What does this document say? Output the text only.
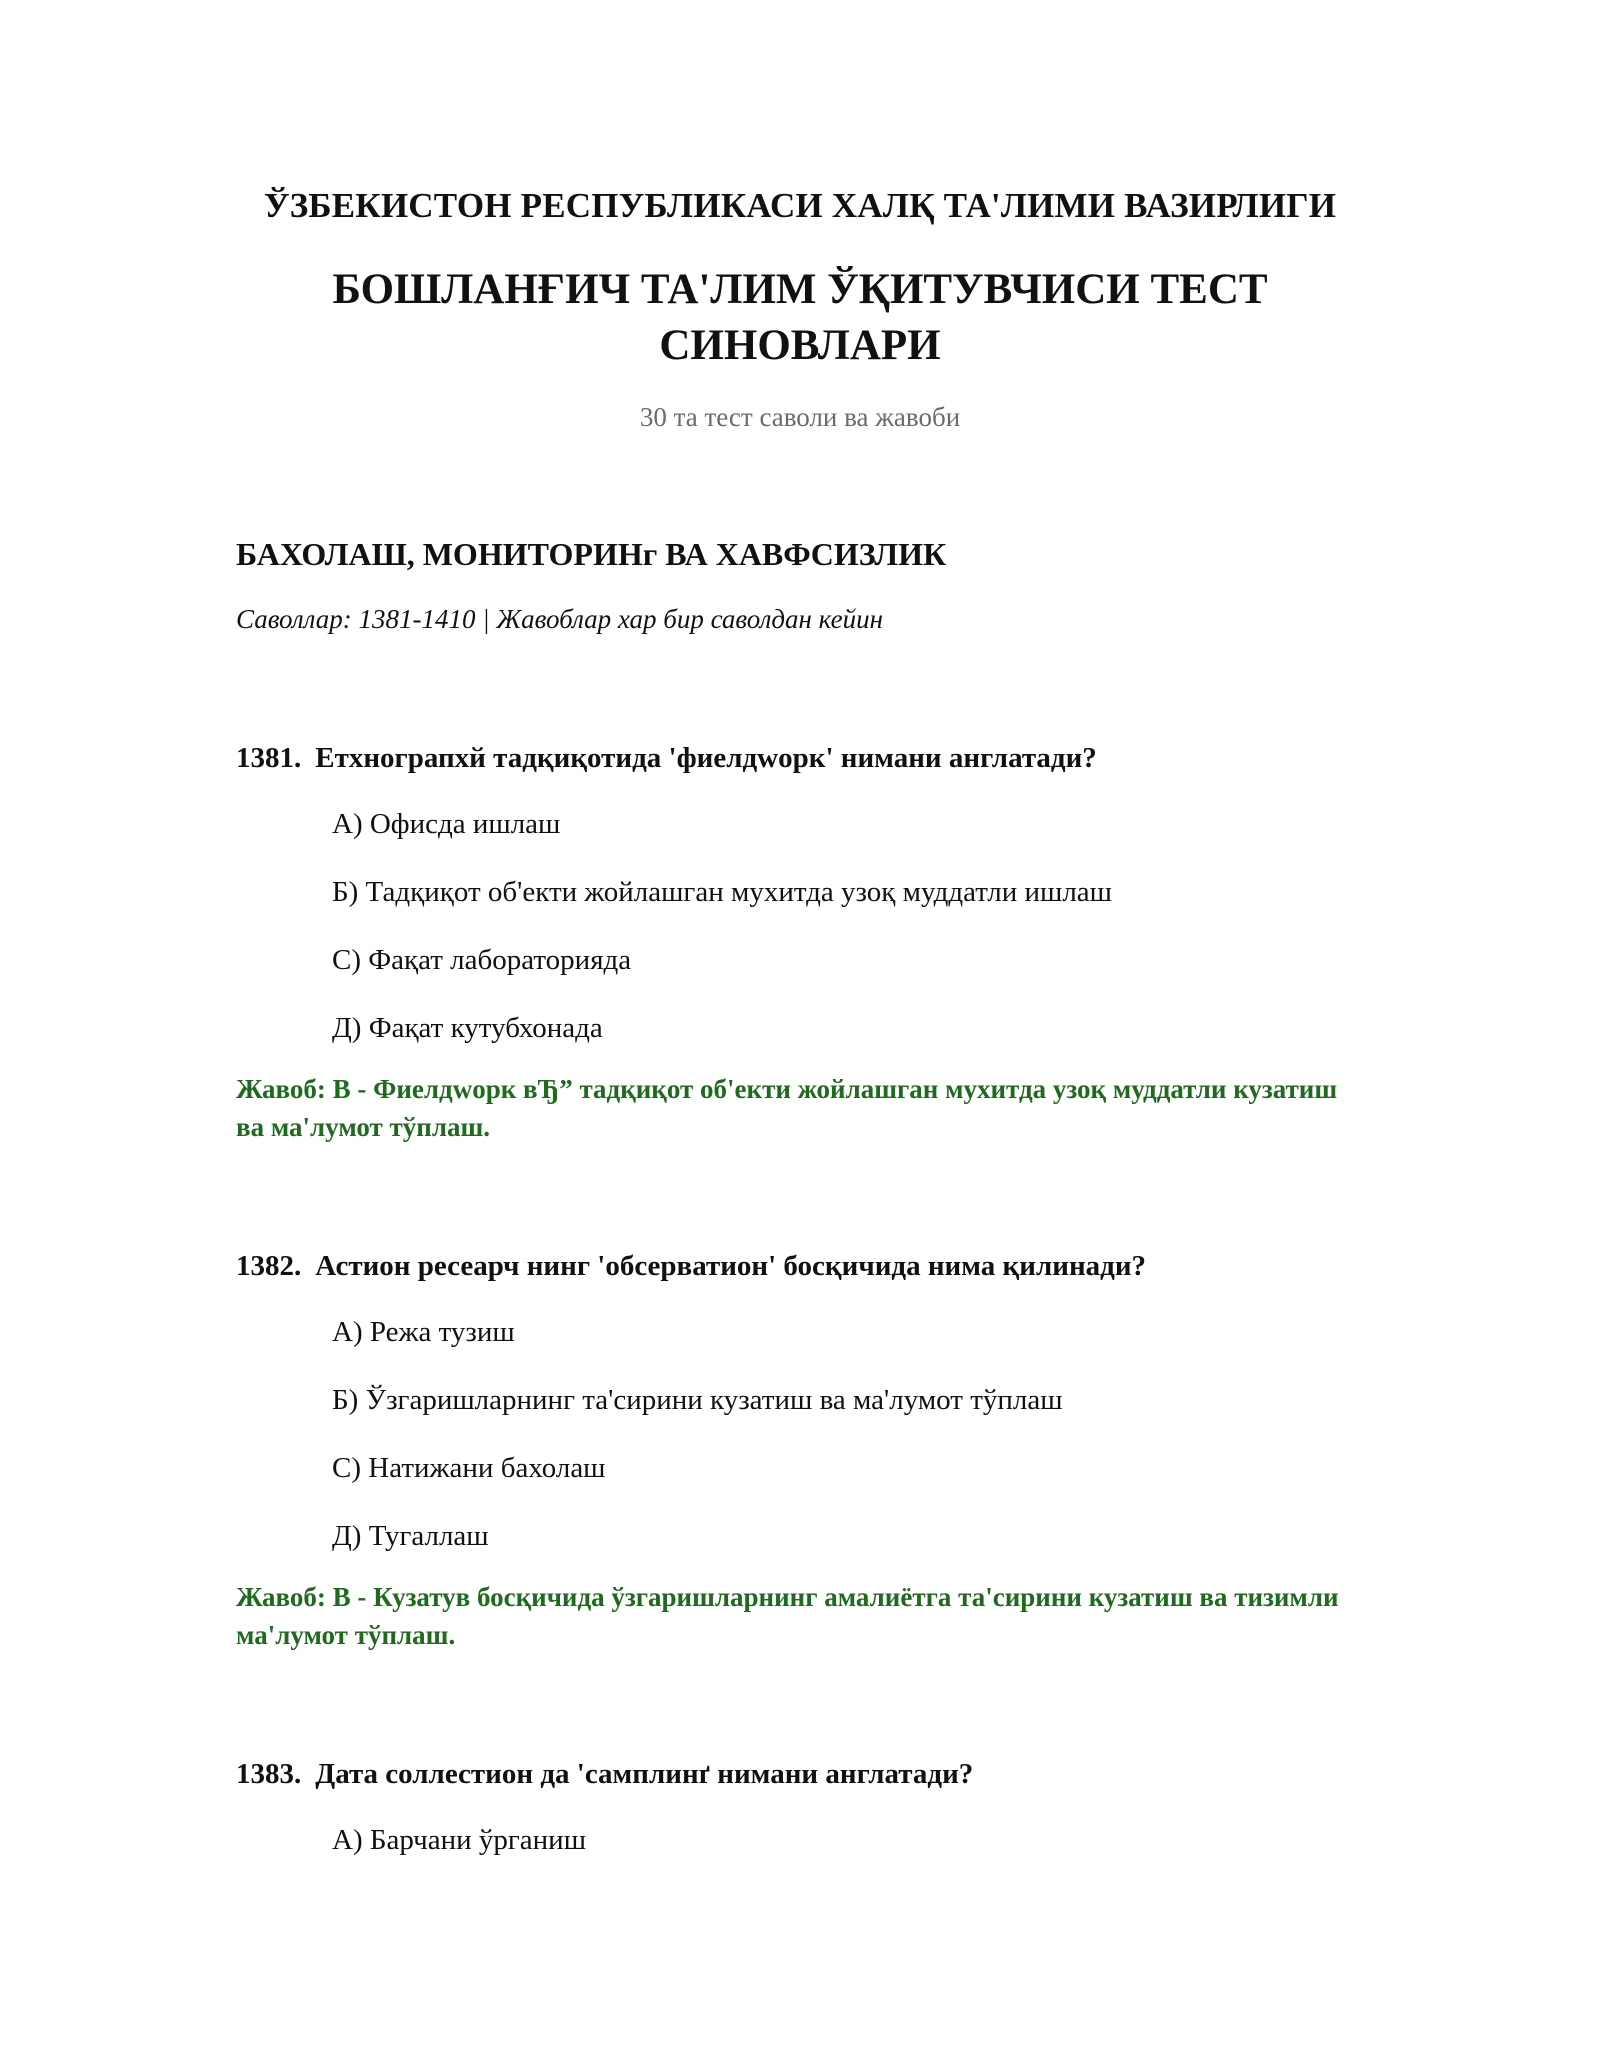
ЎЗБЕКИСТОН РЕСПУБЛИКАСИ ХАЛҚ ТА'ЛИМИ ВАЗИРЛИГИ
БОШЛАНҒИЧ ТА'ЛИМ ЎҚИТУВЧИСИ ТЕСТ
СИНОВЛАРИ
30 та тест саволи ва жавоби
БАХОЛАШ, МОНИТОРИНг ВА ХАВФСИЗЛИК
Саволлар: 1381-1410 | Жавоблар хар бир саволдан кейин
1381. Етхнограпхй тадқиқотида 'фиелдwорк' нимани англатади?
А) Офисда ишлаш
Б) Тадқиқот об'екти жойлашган мухитда узоқ муддатли ишлаш
С) Фақат лабораторияда
Д) Фақат кутубхонада
Жавоб: В - Фиелдwорк вЂ” тадқиқот об'екти жойлашган мухитда узоқ муддатли кузатиш ва ма'лумот тўплаш.
1382. Астион ресеарч нинг 'обсерватион' босқичида нима қилинади?
А) Режа тузиш
Б) Ўзгаришларнинг та'сирини кузатиш ва ма'лумот тўплаш
С) Натижани бахолаш
Д) Тугаллаш
Жавоб: В - Кузатув босқичида ўзгаришларнинг амалиётга та'сирини кузатиш ва тизимли ма'лумот тўплаш.
1383. Дата соллестион да 'самплинґ нимани англатади?
А) Барчани ўрганиш
